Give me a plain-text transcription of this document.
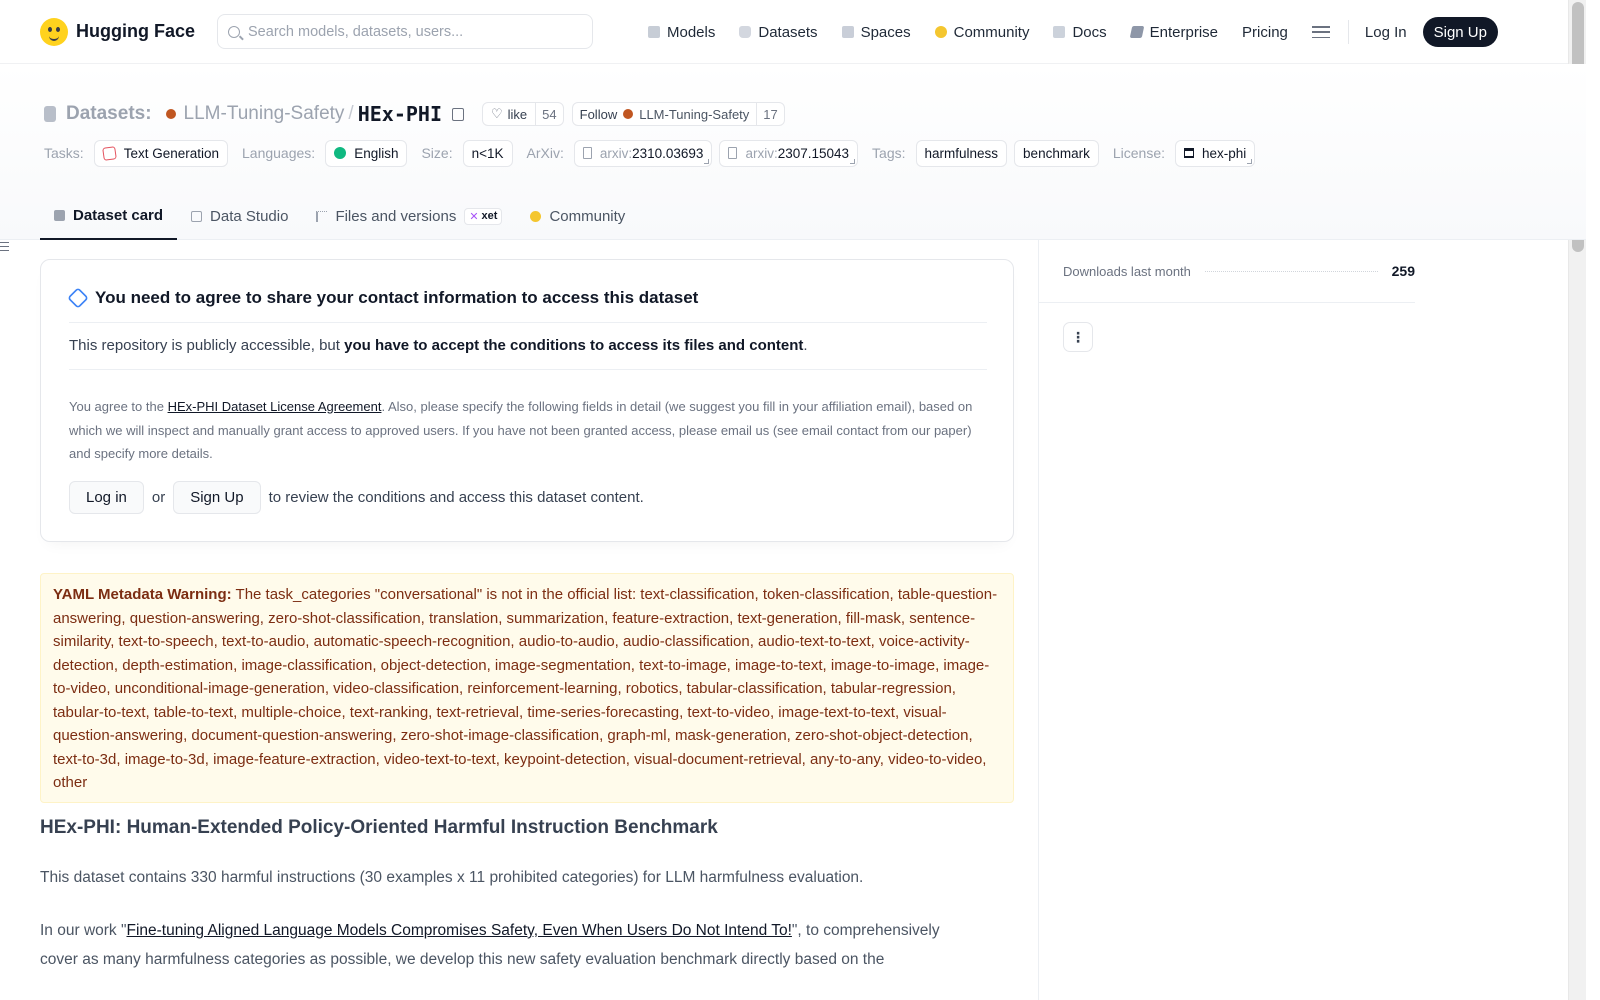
Hugging Face
Search models, datasets, users...	Models	Datasets	Spaces	Community	Docs	Enterprise Pricing	Log In	Sign Up
Datasets: LLM-Tuning-Safety / HEx-PHI	♡ like	54	Follow LLM-Tuning-Safety	17
Tasks:	Text Generation Languages:	English Size: n<1K ArXiv:	arxiv:2310.03693	arxiv:2307.15043 Tags: harmfulness benchmark License:	hex-phi
Dataset card	Data Studio	Files and versions ✕ xet	Community
Downloads last month	259
⋮
You need to agree to share your contact information to access this dataset
This repository is publicly accessible, but you have to accept the conditions to access its files and content.
You agree to the HEx-PHI Dataset License Agreement. Also, please specify the following fields in detail (we suggest you fill in your affiliation email), based on which we will inspect and manually grant access to approved users. If you have not been granted access, please email us (see email contact from our paper) and specify more details.
Log in	or	Sign Up	to review the conditions and access this dataset content.
YAML Metadata Warning: The task_categories "conversational" is not in the official list: text-classification, token-classification, table-question-answering, question-answering, zero-shot-classification, translation, summarization, feature-extraction, text-generation, fill-mask, sentence-similarity, text-to-speech, text-to-audio, automatic-speech-recognition, audio-to-audio, audio-classification, audio-text-to-text, voice-activity-detection, depth-estimation, image-classification, object-detection, image-segmentation, text-to-image, image-to-text, image-to-image, image-to-video, unconditional-image-generation, video-classification, reinforcement-learning, robotics, tabular-classification, tabular-regression, tabular-to-text, table-to-text, multiple-choice, text-ranking, text-retrieval, time-series-forecasting, text-to-video, image-text-to-text, visual-question-answering, document-question-answering, zero-shot-image-classification, graph-ml, mask-generation, zero-shot-object-detection, text-to-3d, image-to-3d, image-feature-extraction, video-text-to-text, keypoint-detection, visual-document-retrieval, any-to-any, video-to-video, other
HEx-PHI: Human-Extended Policy-Oriented Harmful Instruction Benchmark

This dataset contains 330 harmful instructions (30 examples x 11 prohibited categories) for LLM harmfulness evaluation.

In our work "Fine-tuning Aligned Language Models Compromises Safety, Even When Users Do Not Intend To!", to comprehensively cover as many harmfulness categories as possible, we develop this new safety evaluation benchmark directly based on the
